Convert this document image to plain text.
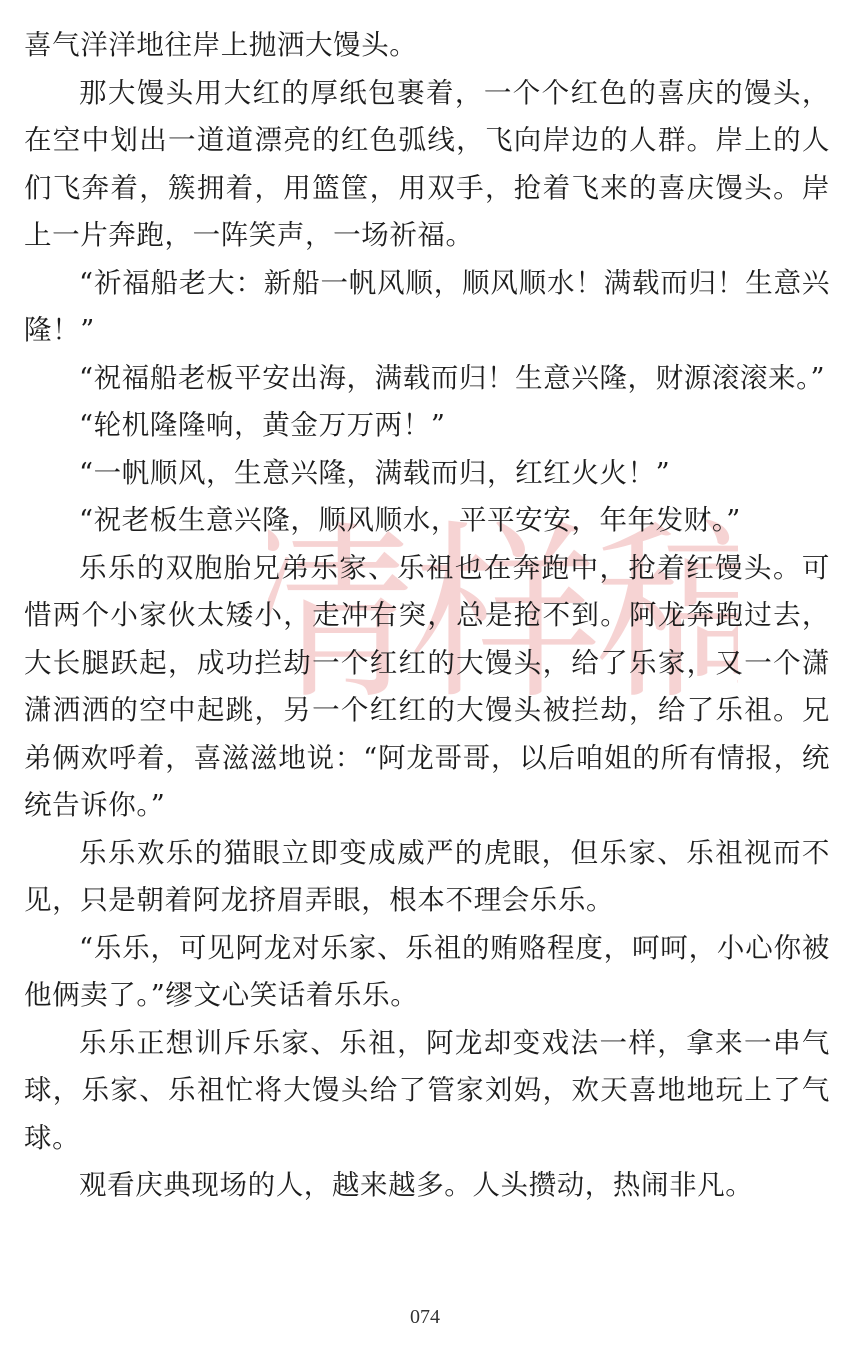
清样稿

喜气洋洋地往岸上抛洒大馒头。

那大馒头用大红的厚纸包裹着，一个个红色的喜庆的馒头，在空中划出一道道漂亮的红色弧线，飞向岸边的人群。岸上的人们飞奔着，簇拥着，用篮筐，用双手，抢着飞来的喜庆馒头。岸上一片奔跑，一阵笑声，一场祈福。

“祈福船老大：新船一帆风顺，顺风顺水！满载而归！生意兴隆！”

“祝福船老板平安出海，满载而归！生意兴隆，财源滚滚来。”

“轮机隆隆响，黄金万万两！”

“一帆顺风，生意兴隆，满载而归，红红火火！”

“祝老板生意兴隆，顺风顺水，平平安安，年年发财。”

乐乐的双胞胎兄弟乐家、乐祖也在奔跑中，抢着红馒头。可惜两个小家伙太矮小，走冲右突，总是抢不到。阿龙奔跑过去，大长腿跃起，成功拦劫一个红红的大馒头，给了乐家，又一个潇潇洒洒的空中起跳，另一个红红的大馒头被拦劫，给了乐祖。兄弟俩欢呼着，喜滋滋地说：“阿龙哥哥，以后咱姐的所有情报，统统告诉你。”

乐乐欢乐的猫眼立即变成威严的虎眼，但乐家、乐祖视而不见，只是朝着阿龙挤眉弄眼，根本不理会乐乐。

“乐乐，可见阿龙对乐家、乐祖的贿赂程度，呵呵，小心你被他俩卖了。”缪文心笑话着乐乐。

乐乐正想训斥乐家、乐祖，阿龙却变戏法一样，拿来一串气球，乐家、乐祖忙将大馒头给了管家刘妈，欢天喜地地玩上了气球。

观看庆典现场的人，越来越多。人头攒动，热闹非凡。

074
